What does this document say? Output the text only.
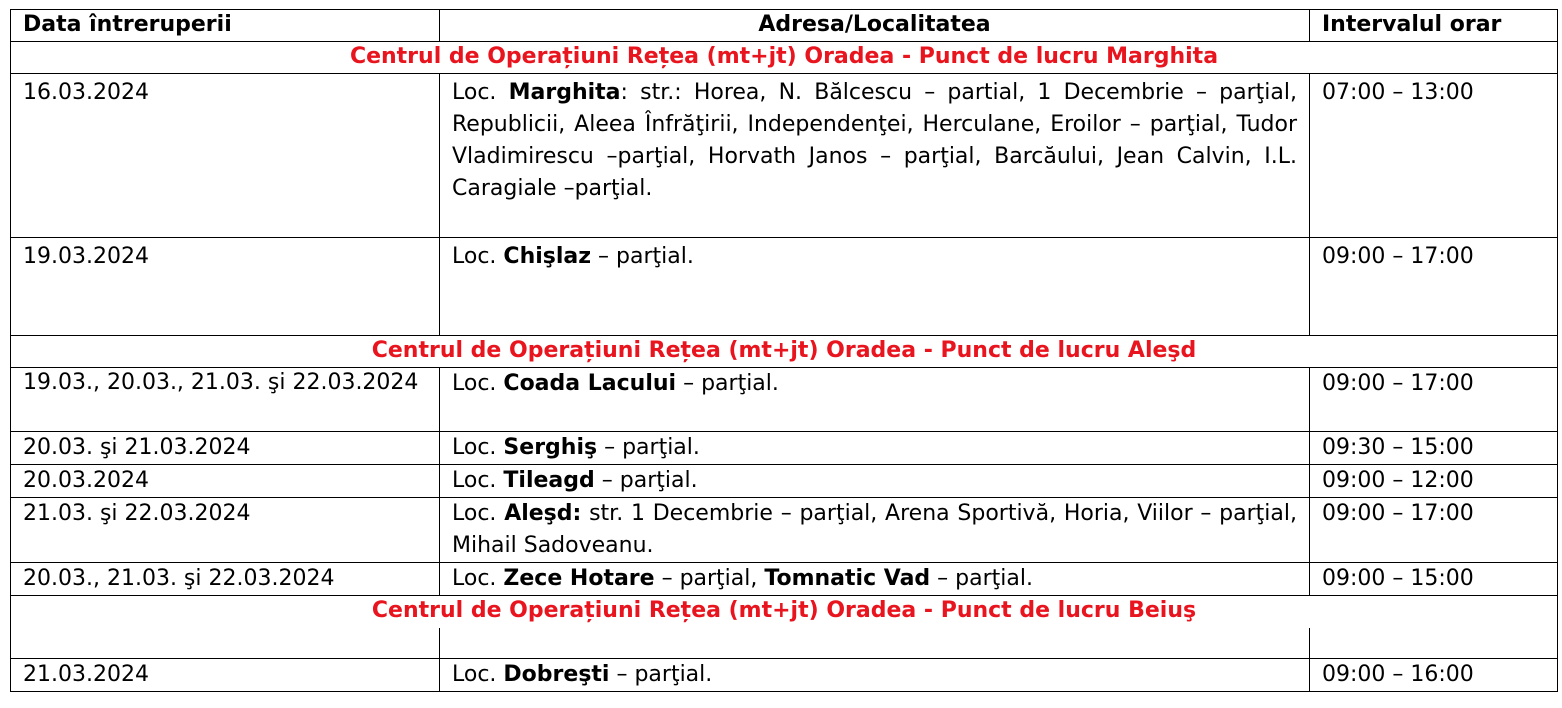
Data întreruperii	Adresa/Localitatea	Intervalul orar
Centrul de Operațiuni Rețea (mt+jt) Oradea - Punct de lucru Marghita		
16.03.2024	Loc. Marghita: str.: Horea, N. Bălcescu – partial, 1 Decembrie – parţial, Republicii, Aleea Înfrăţirii, Independenţei, Herculane, Eroilor – parţial, Tudor Vladimirescu –parţial, Horvath Janos – parţial, Barcăului, Jean Calvin, I.L. Caragiale –parţial.	07:00 – 13:00
19.03.2024	Loc. Chişlaz – parţial.	09:00 – 17:00
Centrul de Operațiuni Rețea (mt+jt) Oradea - Punct de lucru Aleşd		
19.03., 20.03., 21.03. şi 22.03.2024	Loc. Coada Lacului – parţial.	09:00 – 17:00
20.03. şi 21.03.2024	Loc. Serghiş – parţial.	09:30 – 15:00
20.03.2024	Loc. Tileagd – parţial.	09:00 – 12:00
21.03. şi 22.03.2024	Loc. Aleşd: str. 1 Decembrie – parţial, Arena Sportivă, Horia, Viilor – parţial, Mihail Sadoveanu.	09:00 – 17:00
20.03., 21.03. şi 22.03.2024	Loc. Zece Hotare – parţial, Tomnatic Vad – parţial.	09:00 – 15:00
Centrul de Operațiuni Rețea (mt+jt) Oradea - Punct de lucru Beiuş		

21.03.2024	Loc. Dobreşti – parţial.	09:00 – 16:00
